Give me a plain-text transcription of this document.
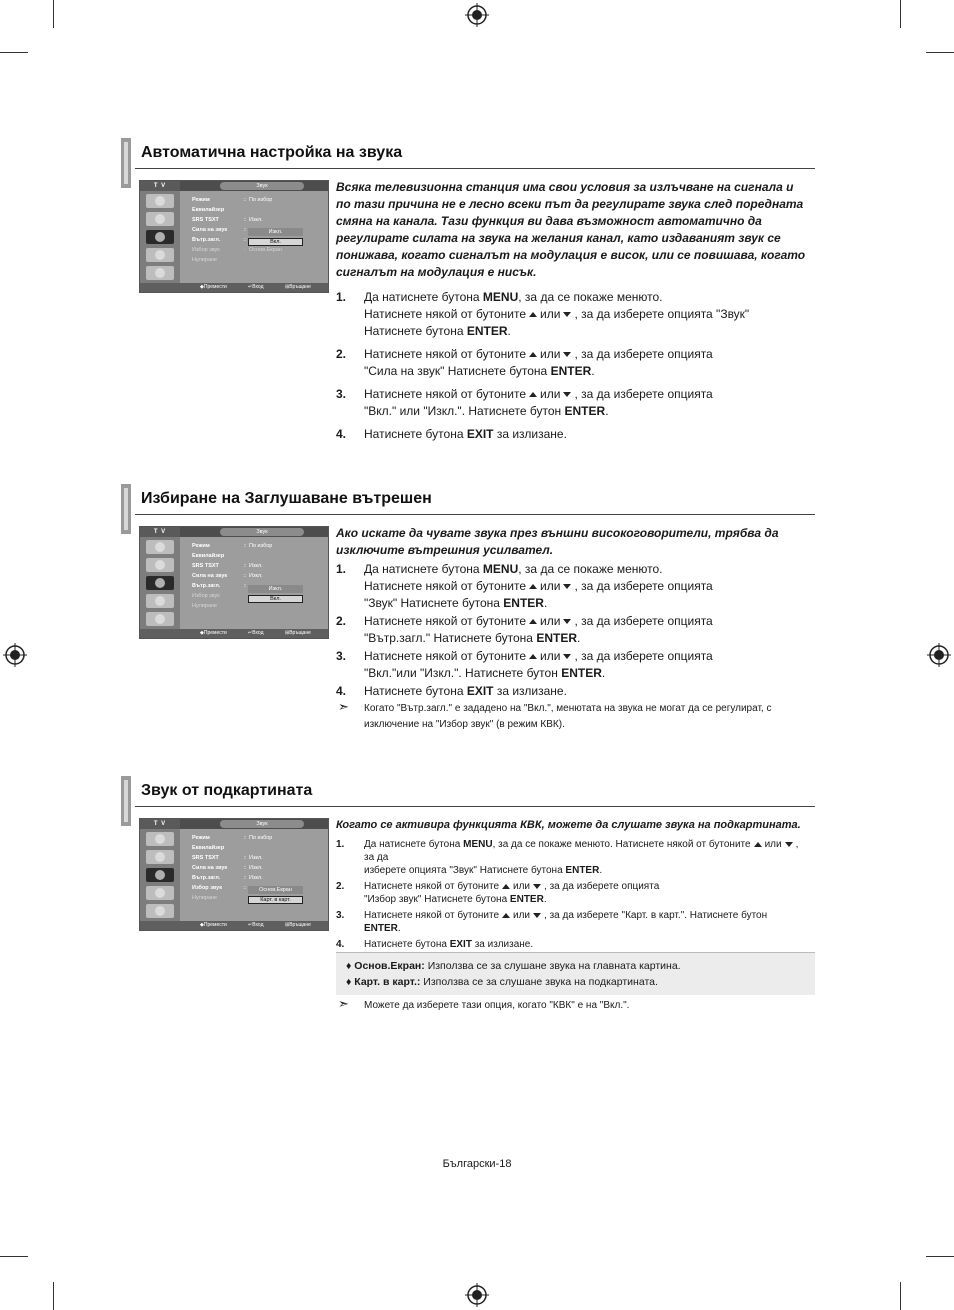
Автоматична настройка на звука
T V	Звук
Режим	: По избор
Еквилайзер
SRS TSXT	: Изкл.
Сила на звук	:
Вътр.загл.	:
Избор звук	: Основ.Екран
Нулиране
Изкл.
Вкл.
◆ Премести	↵ Вход	⊞ Връщане

Всяка телевизионна станция има свои условия за излъчване на сигнала и по тази причина не е лесно всеки път да регулирате звука след поредната смяна на канала. Тази функция ви дава възможност автоматично да регулирате силата на звука на желания канал, като издаваният звук се понижава, когато сигналът на модулация е висок, или се повишава, когато сигналът на модулация е нисък.

1. Да натиснете бутона MENU, за да се покаже менюто.
Натиснете някой от бутоните или , за да изберете опцията "Звук"
Натиснете бутона ENTER.
2. Натиснете някой от бутоните или , за да изберете опцията
"Сила на звук" Натиснете бутона ENTER.
3. Натиснете някой от бутоните или , за да изберете опцията
"Вкл." или "Изкл.". Натиснете бутон ENTER.
4. Натиснете бутона EXIT за излизане.
Избиране на Заглушаване вътрешен
T V	Звук
Режим	: По избор
Еквилайзер
SRS TSXT	: Изкл.
Сила на звук	: Изкл.
Вътр.загл.	:
Избор звук
Нулиране
Изкл.
Вкл.
◆ Премести	↵ Вход	⊞ Връщане

Ако искате да чувате звука през външни високоговорители, трябва да изключите вътрешния усилвател.

1. Да натиснете бутона MENU, за да се покаже менюто.
Натиснете някой от бутоните или , за да изберете опцията
"Звук" Натиснете бутона ENTER.
2. Натиснете някой от бутоните или , за да изберете опцията
"Вътр.загл." Натиснете бутона ENTER.
3. Натиснете някой от бутоните или , за да изберете опцията
"Вкл."или "Изкл.". Натиснете бутон ENTER.
4. Натиснете бутона EXIT за излизане.
➣ Когато "Вътр.загл." е зададено на "Вкл.", менютата на звука не могат да се регулират, с изключение на "Избор звук" (в режим КВК).
Звук от подкартината
T V	Звук
Режим	: По избор
Еквилайзер
SRS TSXT	: Изкл.
Сила на звук	: Изкл.
Вътр.загл.	: Изкл.
Избор звук	:
Нулиране
Основ.Екран
Карт. в карт.
◆ Премести	↵ Вход	⊞ Връщане

Когато се активира функцията КВК, можете да слушате звука на подкартината.

1. Да натиснете бутона MENU, за да се покаже менюто. Натиснете някой от бутоните или , за да
изберете опцията "Звук" Натиснете бутона ENTER.
2. Натиснете някой от бутоните или , за да изберете опцията
"Избор звук" Натиснете бутона ENTER.
3. Натиснете някой от бутоните или , за да изберете "Карт. в карт.". Натиснете бутон
ENTER.
4. Натиснете бутона EXIT за излизане.
♦ Основ.Екран: Използва се за слушане звука на главната картина.
♦ Карт. в карт.: Използва се за слушане звука на подкартината.
➣ Можете да изберете тази опция, когато "КВК" е на "Вкл.".
Български-18
